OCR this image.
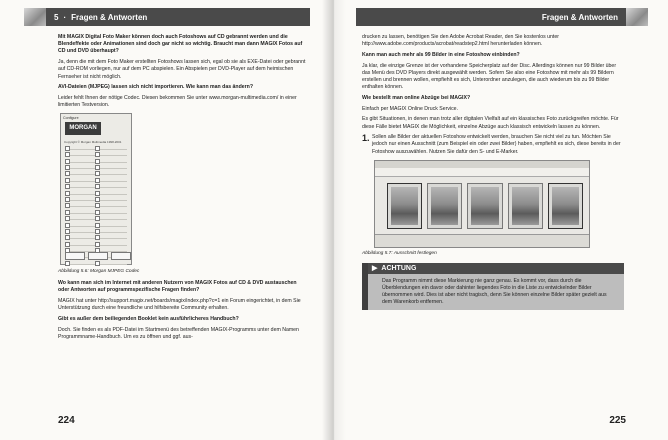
5 · Fragen & Antworten

Mit MAGIX Digital Foto Maker können doch auch Fotoshows auf CD gebrannt werden und die Blendeffekte oder Animationen sind doch gar nicht so wichtig. Braucht man dann MAGIX Fotos auf CD und DVD überhaupt?

Ja, denn die mit dem Foto Maker erstellten Fotoshows lassen sich, egal ob sie als EXE-Datei oder gebrannt auf CD-ROM vorliegen, nur auf dem PC abspielen. Ein Abspielen per DVD-Player auf dem heimischen Fernseher ist nicht möglich.

AVI-Dateien (MJPEG) lassen sich nicht importieren. Wie kann man das ändern?

Leider fehlt Ihnen der nötige Codec. Diesen bekommen Sie unter www.morgan-multimedia.com/ in einer limitierten Testversion.

Configure
MORGAN
Copyright © Morgan Multimedia 1998-2001
Abbildung 5.6: Morgan MJPEG Codec

Wo kann man sich im Internet mit anderen Nutzern von MAGIX Fotos auf CD & DVD austauschen oder Antworten auf programmspezifische Fragen finden?

MAGIX hat unter http://support.magix.net/boards/magix/index.php?c=1 ein Forum eingerichtet, in dem Sie Unterstützung durch eine freundliche und hilfsbereite Community erhalten.

Gibt es außer dem beiliegenden Booklet kein ausführlicheres Handbuch?

Doch. Sie finden es als PDF-Datei im Startmenü des betreffenden MAGIX-Programms unter dem Namen Programmname-Handbuch. Um es zu öffnen und ggf. aus-

224
Fragen & Antworten

drucken zu lassen, benötigen Sie den Adobe Acrobat Reader, den Sie kostenlos unter http://www.adobe.com/products/acrobat/readstep2.html herunterladen können.

Kann man auch mehr als 99 Bilder in eine Fotoshow einbinden?

Ja klar, die einzige Grenze ist der vorhandene Speicherplatz auf der Disc. Allerdings können nur 99 Bilder über das Menü des DVD Players direkt ausgewählt werden. Sofern Sie also eine Fotoshow mit mehr als 99 Bildern erstellen und brennen wollen, empfiehlt es sich, Unterordner anzulegen, die auch wiederum bis zu 99 Bilder enthalten können.

Wie bestellt man online Abzüge bei MAGIX?

Einfach per MAGIX Online Druck Service.

Es gibt Situationen, in denen man trotz aller digitalen Vielfalt auf ein klassisches Foto zurückgreifen möchte. Für diese Fälle bietet MAGIX die Möglichkeit, einzelne Abzüge auch klassisch entwickeln lassen zu können.

1. Sollen alle Bilder der aktuellen Fotoshow entwickelt werden, brauchen Sie nicht viel zu tun. Möchten Sie jedoch nur einen Ausschnitt (zum Beispiel ein oder zwei Bilder) haben, empfiehlt es sich, diese bereits in der Fotoshow auszuwählen. Nutzen Sie dafür den S- und E-Marker.
Abbildung 5.7: Ausschnitt festlegen
▶ ACHTUNG
Das Programm nimmt diese Markierung nie ganz genau. Es kommt vor, dass durch die Überblendungen ein davor oder dahinter liegendes Foto in die Liste zu entwickelnder Bilder übernommen wird. Dies ist aber nicht tragisch, denn Sie können einzelne Bilder später gezielt aus dem Warenkorb entfernen.
225
